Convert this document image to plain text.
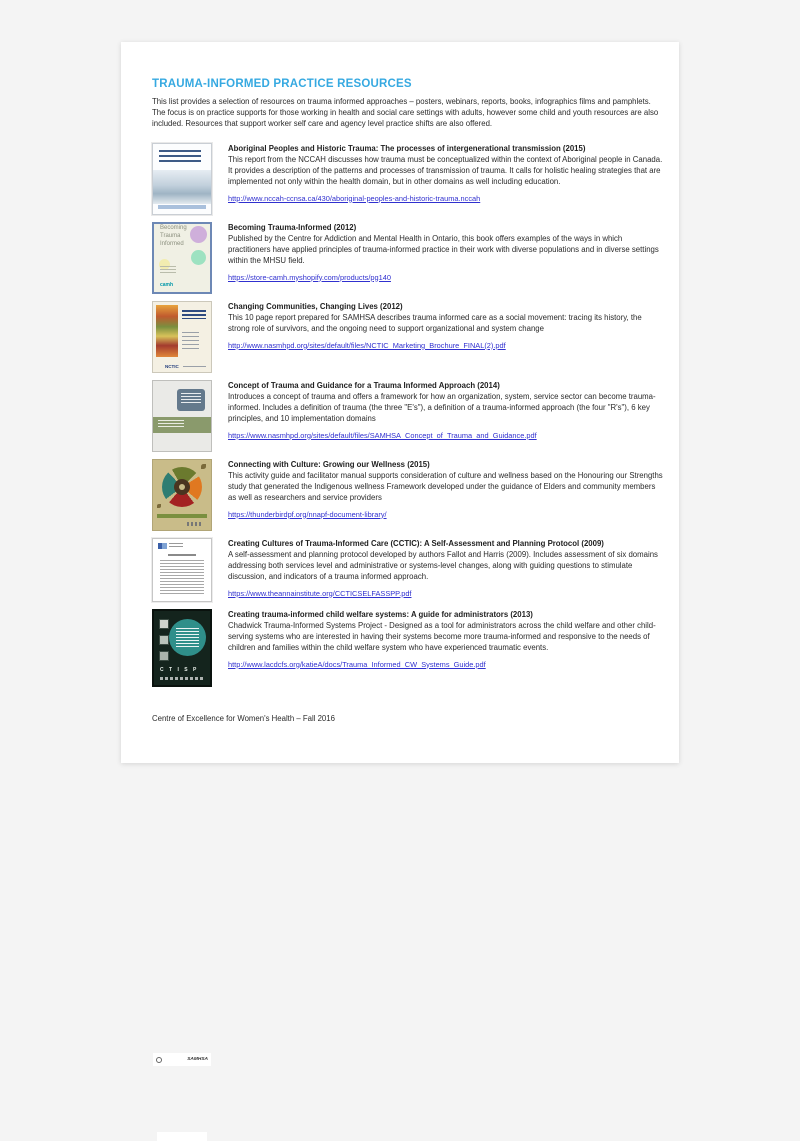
TRAUMA-INFORMED PRACTICE RESOURCES
This list provides a selection of resources on trauma informed approaches – posters, webinars, reports, books, infographics films and pamphlets. The focus is on practice supports for those working in health and social care settings with adults, however some child and youth resources are also included. Resources that support worker self care and agency level practice shifts are also offered.
Aboriginal Peoples and Historic Trauma: The processes of intergenerational transmission (2015)
This report from the NCCAH discusses how trauma must be conceptualized within the context of Aboriginal people in Canada. It provides a description of the patterns and processes of transmission of trauma. It calls for holistic healing strategies that are implemented not only within the health domain, but in other domains as well including education.
http://www.nccah-ccnsa.ca/430/aboriginal-peoples-and-historic-trauma.nccah
Becoming
Trauma
Informed
camh
Becoming Trauma-Informed (2012)
Published by the Centre for Addiction and Mental Health in Ontario, this book offers examples of the ways in which practitioners have applied principles of trauma-informed practice in their work with diverse populations and in diverse settings within the MHSU field.
https://store-camh.myshopify.com/products/pg140
NCTIC
Changing Communities, Changing Lives (2012)
This 10 page report prepared for SAMHSA describes trauma informed care as a social movement: tracing its history, the strong role of survivors, and the ongoing need to support organizational and system change
http://www.nasmhpd.org/sites/default/files/NCTIC_Marketing_Brochure_FINAL(2).pdf
SAMHSA
Concept of Trauma and Guidance for a Trauma Informed Approach (2014)
Introduces a concept of trauma and offers a framework for how an organization, system, service sector can become trauma-informed. Includes a definition of trauma (the three "E's"), a definition of a trauma-informed approach (the four "R's"), 6 key principles, and 10 implementation domains
https://www.nasmhpd.org/sites/default/files/SAMHSA_Concept_of_Trauma_and_Guidance.pdf
Connecting with Culture: Growing our Wellness (2015)
This activity guide and facilitator manual supports consideration of culture and wellness based on the Honouring our Strengths study that generated the Indigenous wellness Framework developed under the guidance of Elders and community members as well as researchers and service providers
https://thunderbirdpf.org/nnapf-document-library/
Creating Cultures of Trauma-Informed Care (CCTIC): A Self-Assessment and Planning Protocol (2009)
A self-assessment and planning protocol developed by authors Fallot and Harris (2009). Includes assessment of six domains addressing both services level and administrative or systems-level changes, along with guiding questions to stimulate discussion, and indicators of a trauma informed approach.
https://www.theannainstitute.org/CCTICSELFASSPP.pdf
C T I S P
Creating trauma-informed child welfare systems: A guide for administrators (2013)
Chadwick Trauma-Informed Systems Project - Designed as a tool for administrators across the child welfare and other child-serving systems who are interested in having their systems become more trauma-informed and responsive to the needs of children and families within the child welfare system who have experienced traumatic events.
http://www.lacdcfs.org/katieA/docs/Trauma_Informed_CW_Systems_Guide.pdf
Centre of Excellence for Women's Health – Fall 2016
